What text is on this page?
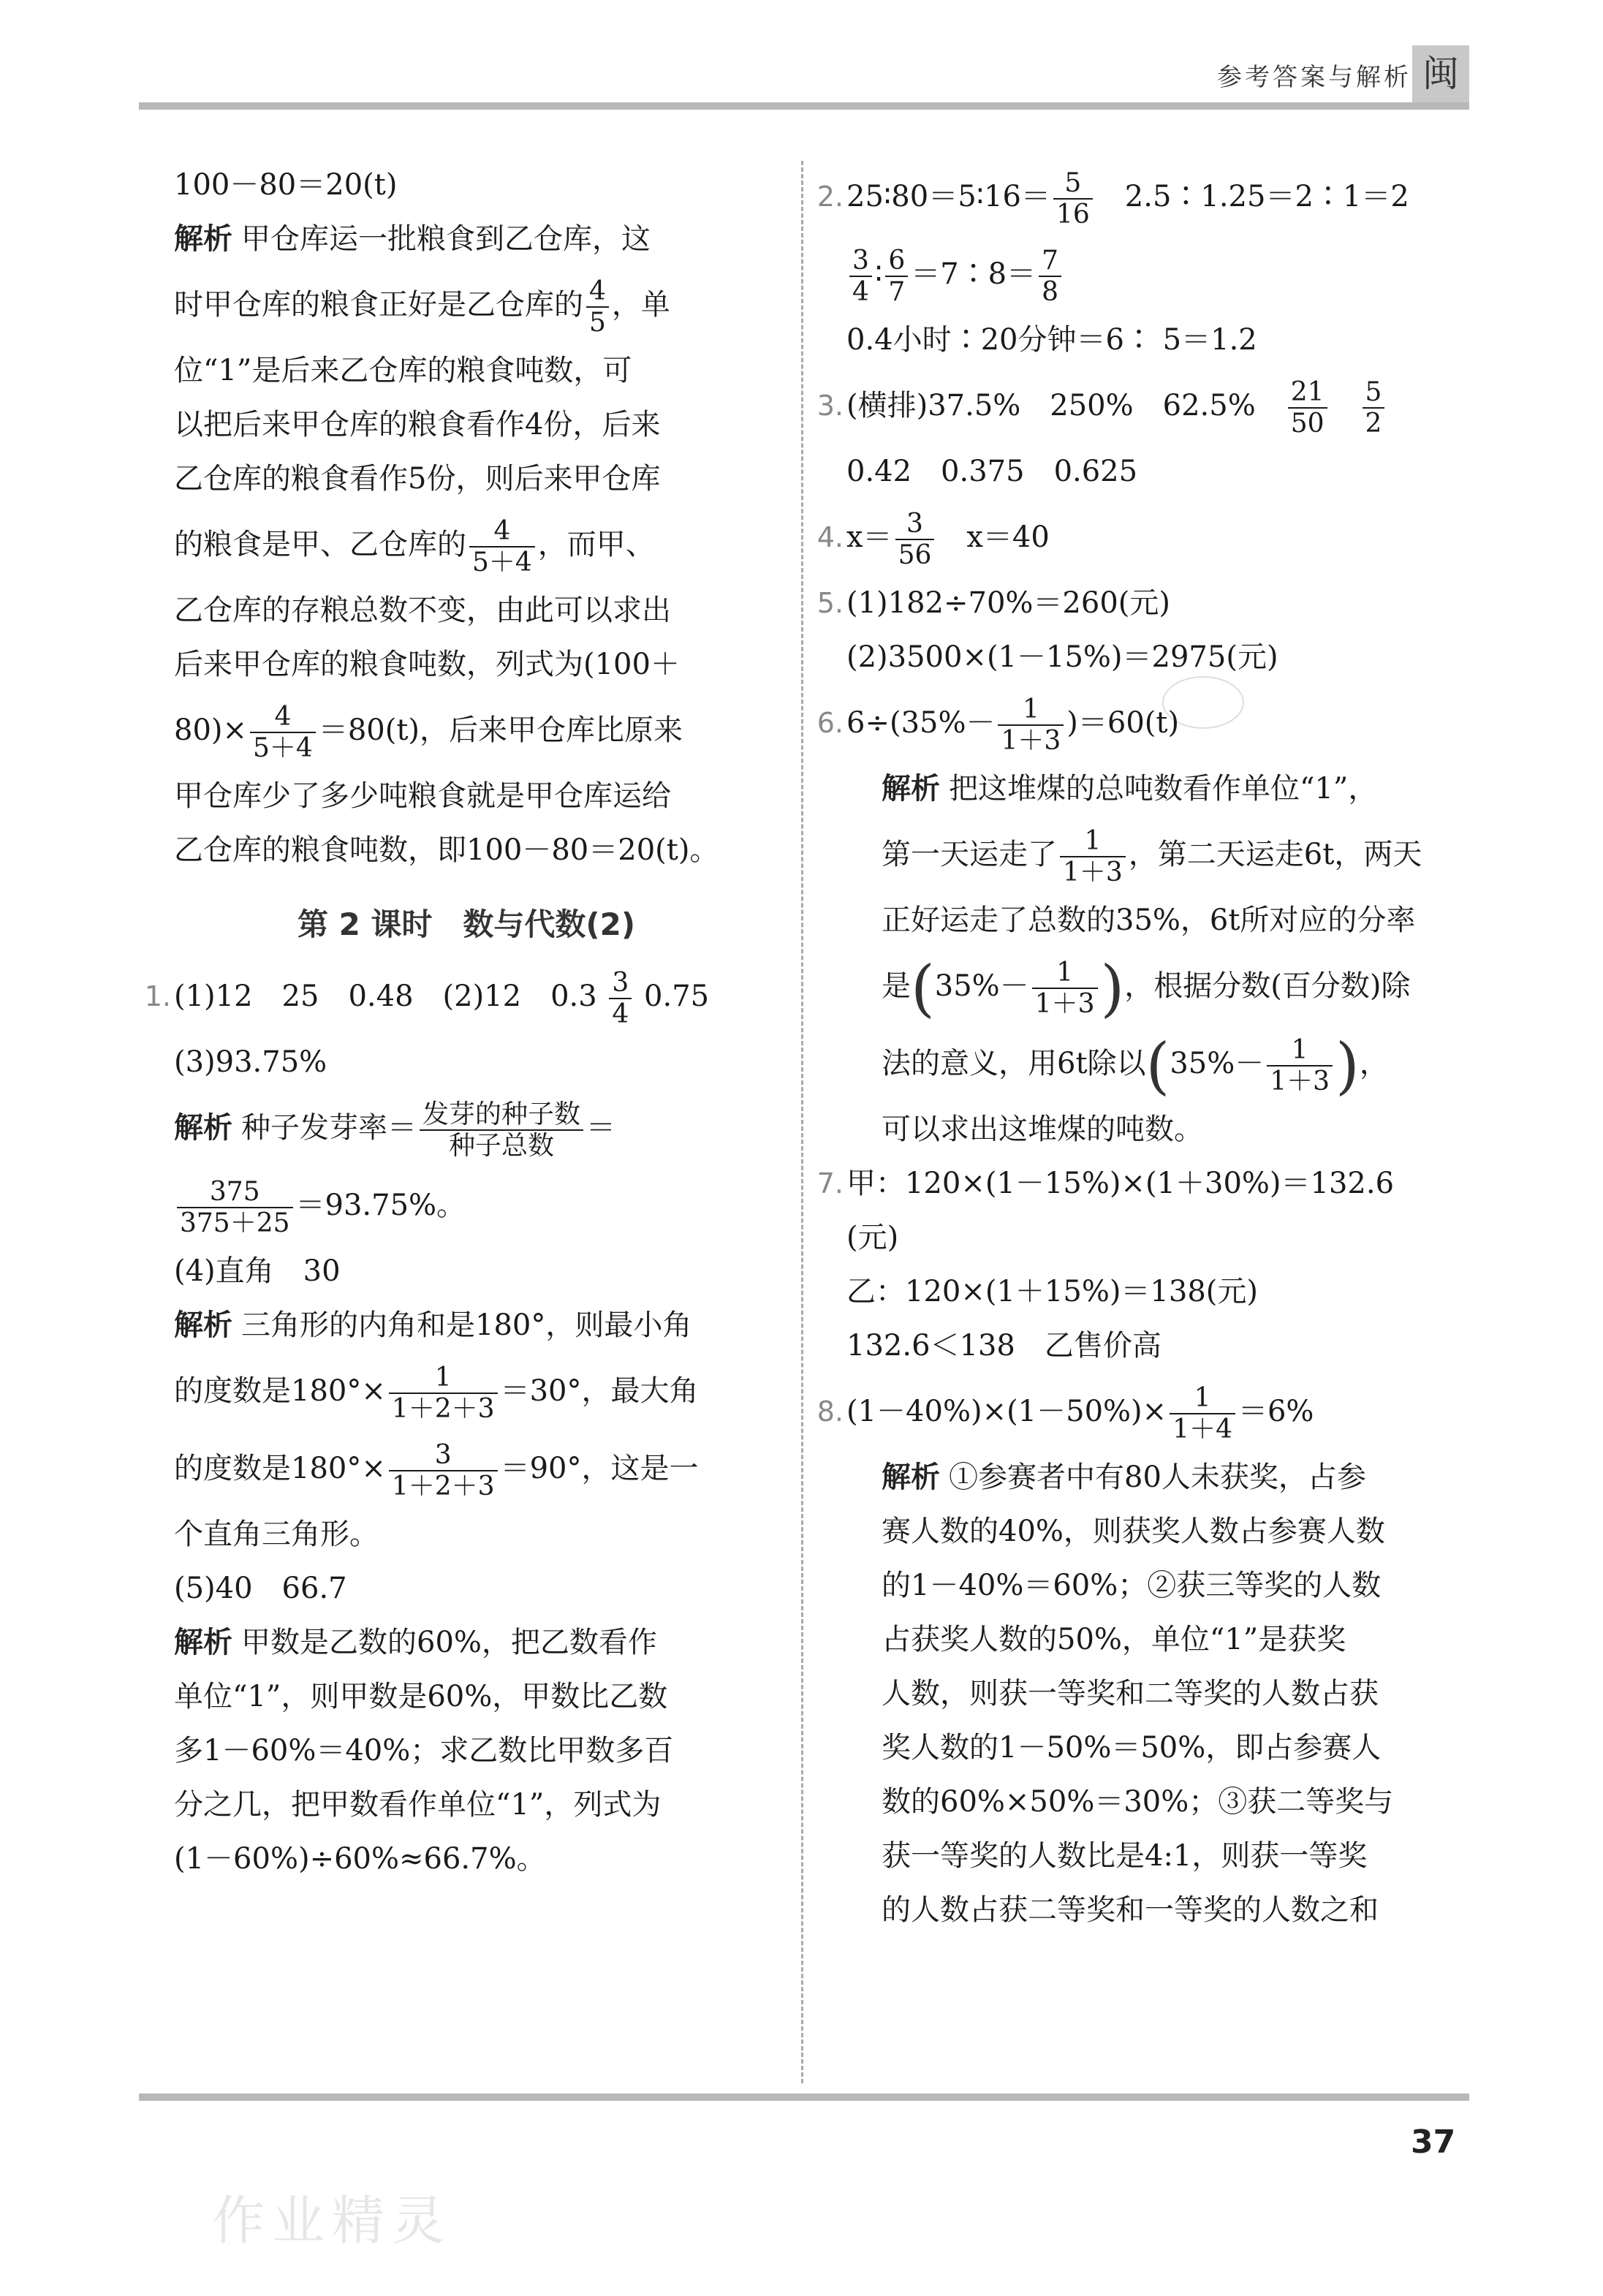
参考答案与解析 闽
100－80＝20(t)
解析 甲仓库运一批粮食到乙仓库，这
时甲仓库的粮食正好是乙仓库的 $\frac{4}{5}$ ，单
位“1”是后来乙仓库的粮食吨数，可
以把后来甲仓库的粮食看作4份，后来
乙仓库的粮食看作5份，则后来甲仓库
的粮食是甲、乙仓库的 $\frac{4}{5+4}$ ，而甲、
乙仓库的存粮总数不变，由此可以求出
后来甲仓库的粮食吨数，列式为(100＋
$80)\times \frac{4}{5+4} =80(t)$，后来甲仓库比原来
甲仓库少了多少吨粮食就是甲仓库运给
乙仓库的粮食吨数，即100－80＝20(t)。
第 2 课时　数与代数(2)
1. (1)12　25　0.48　(2)12　$0.3 \frac{3}{4} 0.75$
(3)93.75%
解析 种子发芽率＝ $\frac{\text{发芽的种子数}}{\text{种子总数}}$ ＝
$\frac{375}{375+25} =93.75\%$。
(4)直角　30
解析 三角形的内角和是180°，则最小角
的度数是$180^\circ\times \frac{1}{1+2+3} =30^\circ$，最大角
的度数是$180^\circ\times \frac{3}{1+2+3} =90^\circ$，这是一
个直角三角形。
(5)40　66.7
解析 甲数是乙数的60%，把乙数看作
单位“1”，则甲数是60%，甲数比乙数
多1－60%＝40%；求乙数比甲数多百
分之几，把甲数看作单位“1”，列式为
(1－60%)÷60%≈66.7%。
2. 25∶80＝5∶16＝ $\frac{5}{16}$
　 2.5∶1.25＝2∶1＝2
$\frac{3}{4}$ ∶ $\frac{6}{7}$ ＝7∶8＝ $\frac{7}{8}$
0.4小时∶20分钟＝6∶ 5＝1.2
3. (横排)37.5%　250%　62.5%　 $\frac{21}{50}$
　 $\frac{5}{2}$
0.42　0.375　0.625
4. $x= \frac{3}{56}$
　 x＝40
5. (1)182÷70%＝260(元)
(2)3500×(1－15%)＝2975(元)
6. $6\div(35\%- \frac{1}{1+3} )=60(t)$
解析 把这堆煤的总吨数看作单位“1”，
第一天运走了 $\frac{1}{1+3}$ ，第二天运走6t，两天
正好运走了总数的35%，6t所对应的分率
是($35\%- \frac{1}{1+3}$ )，根据分数(百分数)除
法的意义，用6t除以($35\%- \frac{1}{1+3}$ )，
可以求出这堆煤的吨数。
7. 甲：120×(1－15%)×(1＋30%)＝132.6
(元)
乙：120×(1＋15%)＝138(元)
132.6＜138　乙售价高
8. $(1-40\%)\times(1-50\%)\times \frac{1}{1+4} =6\%$
解析 ①参赛者中有80人未获奖，占参
赛人数的40%，则获奖人数占参赛人数
的1－40%＝60%；②获三等奖的人数
占获奖人数的50%，单位“1”是获奖
人数，则获一等奖和二等奖的人数占获
奖人数的1－50%＝50%，即占参赛人
数的60%×50%＝30%；③获二等奖与
获一等奖的人数比是4:1，则获一等奖
的人数占获二等奖和一等奖的人数之和
作业精灵
37
